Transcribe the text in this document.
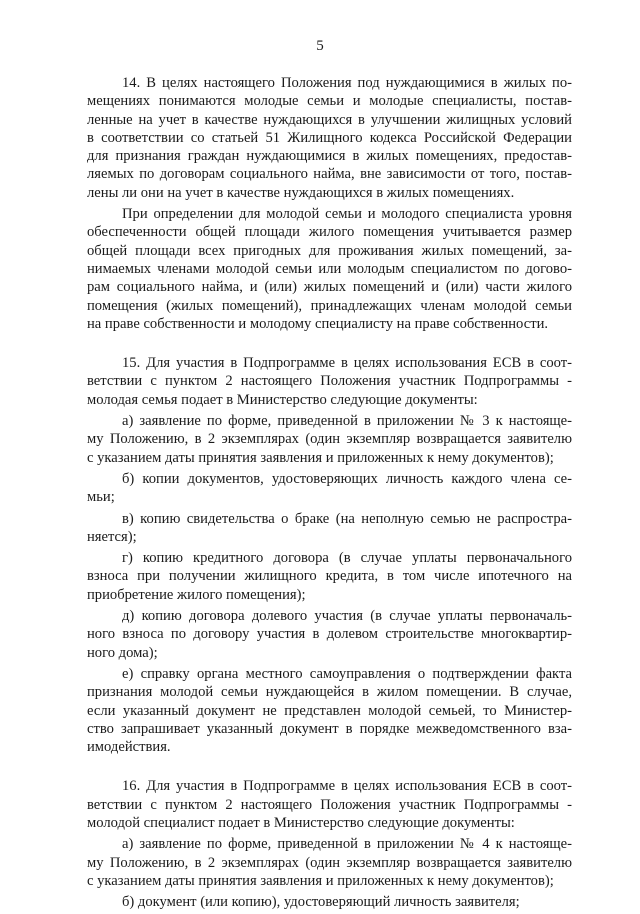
5
14. В целях настоящего Положения под нуждающимися в жилых по-
мещениях понимаются молодые семьи и молодые специалисты, постав-
ленные на учет в качестве нуждающихся в улучшении жилищных условий
в соответствии со статьей 51 Жилищного кодекса Российской Федерации
для признания граждан нуждающимися в жилых помещениях, предостав-
ляемых по договорам социального найма, вне зависимости от того, постав-
лены ли они на учет в качестве нуждающихся в жилых помещениях.
При определении для молодой семьи и молодого специалиста уровня
обеспеченности общей площади жилого помещения учитывается размер
общей площади всех пригодных для проживания жилых помещений, за-
нимаемых членами молодой семьи или молодым специалистом по догово-
рам социального найма, и (или) жилых помещений и (или) части жилого
помещения (жилых помещений), принадлежащих членам молодой семьи
на праве собственности и молодому специалисту на праве собственности.
15. Для участия в Подпрограмме в целях использования ЕСВ в соот-
ветствии с пунктом 2 настоящего Положения участник Подпрограммы -
молодая семья подает в Министерство следующие документы:
а) заявление по форме, приведенной в приложении № 3 к настояще-
му Положению, в 2 экземплярах (один экземпляр возвращается заявителю
с указанием даты принятия заявления и приложенных к нему документов);
б) копии документов, удостоверяющих личность каждого члена се-
мьи;
в) копию свидетельства о браке (на неполную семью не распростра-
няется);
г) копию кредитного договора (в случае уплаты первоначального
взноса при получении жилищного кредита, в том числе ипотечного на
приобретение жилого помещения);
д) копию договора долевого участия (в случае уплаты первоначаль-
ного взноса по договору участия в долевом строительстве многоквартир-
ного дома);
е) справку органа местного самоуправления о подтверждении факта
признания молодой семьи нуждающейся в жилом помещении. В случае,
если указанный документ не представлен молодой семьей, то Министер-
ство запрашивает указанный документ в порядке межведомственного вза-
имодействия.
16. Для участия в Подпрограмме в целях использования ЕСВ в соот-
ветствии с пунктом 2 настоящего Положения участник Подпрограммы -
молодой специалист подает в Министерство следующие документы:
а) заявление по форме, приведенной в приложении № 4 к настояще-
му Положению, в 2 экземплярах (один экземпляр возвращается заявителю
с указанием даты принятия заявления и приложенных к нему документов);
б) документ (или копию), удостоверяющий личность заявителя;
